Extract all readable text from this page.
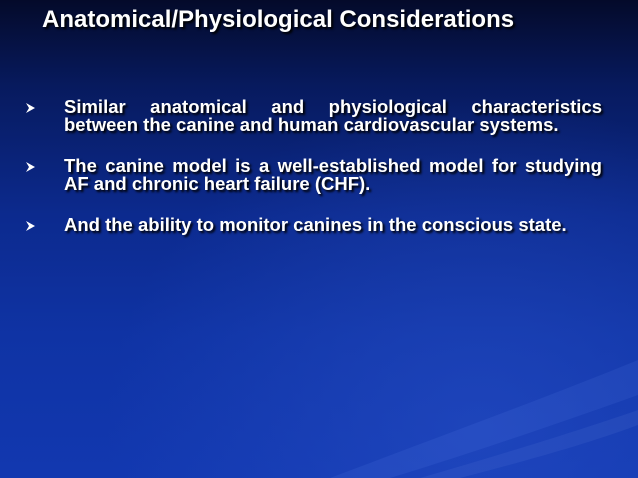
Anatomical/Physiological Considerations
Similar anatomical and physiological characteristics between the canine and human cardiovascular systems.
The canine model is a well-established model for studying AF and chronic heart failure (CHF).
And the ability to monitor canines in the conscious state.
